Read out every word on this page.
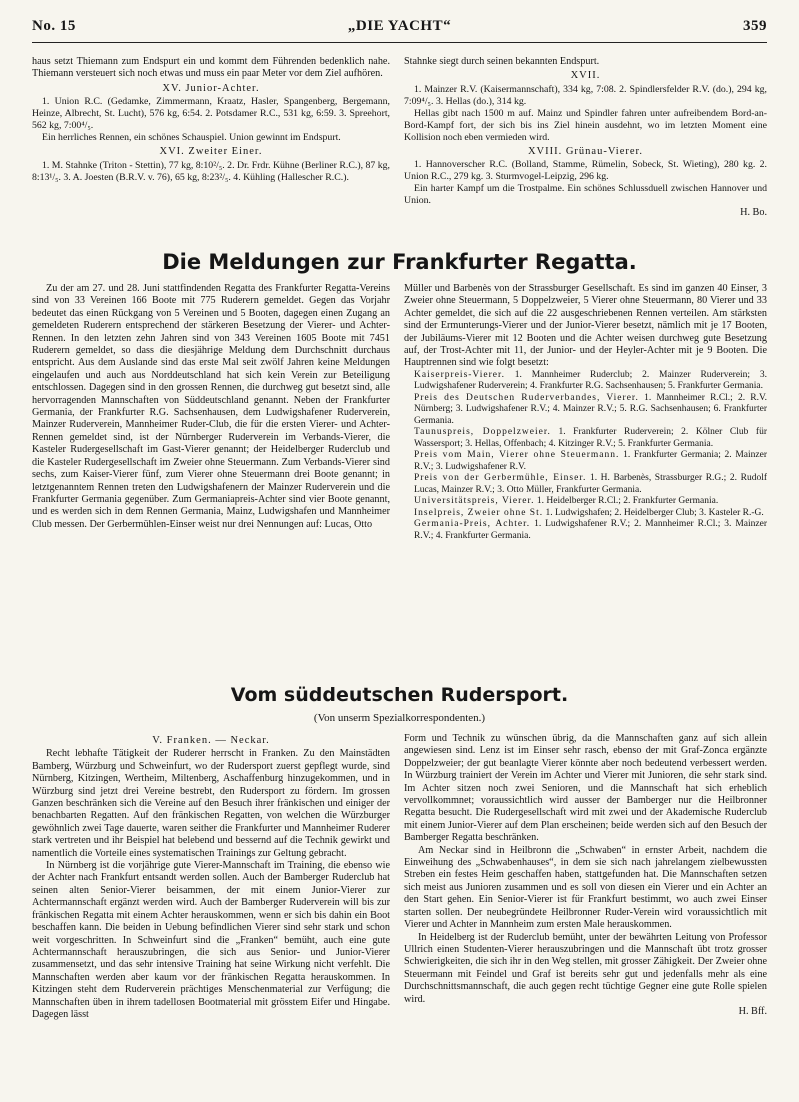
No. 15	„DIE YACHT“	359

haus setzt Thiemann zum Endspurt ein und kommt dem Führenden bedenklich nahe. Thiemann versteuert sich noch etwas und muss ein paar Meter vor dem Ziel aufhören.

XV. Junior-Achter.

1. Union R.C. (Gedamke, Zimmermann, Kraatz, Hasler, Spangenberg, Bergemann, Heinze, Albrecht, St. Lucht), 576 kg, 6:54. 2. Potsdamer R.C., 531 kg, 6:59. 3. Spreehort, 562 kg, 7:00⁴/₅.

Ein herrliches Rennen, ein schönes Schauspiel. Union gewinnt im Endspurt.

XVI. Zweiter Einer.

1. M. Stahnke (Triton - Stettin), 77 kg, 8:10²/₅. 2. Dr. Frdr. Kühne (Berliner R.C.), 87 kg, 8:13¹/₅. 3. A. Joesten (B.R.V. v. 76), 65 kg, 8:23²/₅. 4. Kühling (Hallescher R.C.).

Stahnke siegt durch seinen bekannten Endspurt.

XVII.

1. Mainzer R.V. (Kaisermannschaft), 334 kg, 7:08. 2. Spindlersfelder R.V. (do.), 294 kg, 7:09⁴/₅. 3. Hellas (do.), 314 kg.

Hellas gibt nach 1500 m auf. Mainz und Spindler fahren unter aufreibendem Bord-an-Bord-Kampf fort, der sich bis ins Ziel hinein ausdehnt, wo im letzten Moment eine Kollision noch eben vermieden wird.

XVIII. Grünau-Vierer.

1. Hannoverscher R.C. (Bolland, Stamme, Rümelin, Sobeck, St. Wieting), 280 kg. 2. Union R.C., 279 kg. 3. Sturmvogel-Leipzig, 296 kg.

Ein harter Kampf um die Trostpalme. Ein schönes Schlussduell zwischen Hannover und Union.

H. Bo.

Die Meldungen zur Frankfurter Regatta.

Zu der am 27. und 28. Juni stattfindenden Regatta des Frankfurter Regatta-Vereins sind von 33 Vereinen 166 Boote mit 775 Ruderern gemeldet. Gegen das Vorjahr bedeutet das einen Rückgang von 5 Vereinen und 5 Booten, dagegen einen Zugang an gemeldeten Ruderern entsprechend der stärkeren Besetzung der Vierer- und Achter-Rennen. In den letzten zehn Jahren sind von 343 Vereinen 1605 Boote mit 7451 Ruderern gemeldet, so dass die diesjährige Meldung dem Durchschnitt durchaus entspricht. Aus dem Auslande sind das erste Mal seit zwölf Jahren keine Meldungen eingelaufen und auch aus Norddeutschland hat sich kein Verein zur Beteiligung entschlossen. Dagegen sind in den grossen Rennen, die durchweg gut besetzt sind, alle hervorragenden Mannschaften von Süddeutschland genannt. Neben der Frankfurter Germania, der Frankfurter R.G. Sachsenhausen, dem Ludwigshafener Ruderverein, Mainzer Ruderverein, Mannheimer Ruder-Club, die für die ersten Vierer- und Achter-Rennen gemeldet sind, ist der Nürnberger Ruderverein im Verbands-Vierer, die Kasteler Rudergesellschaft im Gast-Vierer genannt; der Heidelberger Ruderclub und die Kasteler Rudergesellschaft im Zweier ohne Steuermann. Zum Verbands-Vierer sind sechs, zum Kaiser-Vierer fünf, zum Vierer ohne Steuermann drei Boote genannt; in letztgenanntem Rennen treten den Ludwigshafenern der Mainzer Ruderverein und die Frankfurter Germania gegenüber. Zum Germaniapreis-Achter sind vier Boote genannt, und es werden sich in dem Rennen Germania, Mainz, Ludwigshafen und Mannheimer Club messen. Der Gerbermühlen-Einser weist nur drei Nennungen auf: Lucas, Otto

Müller und Barbenès von der Strassburger Gesellschaft. Es sind im ganzen 40 Einser, 3 Zweier ohne Steuermann, 5 Doppelzweier, 5 Vierer ohne Steuermann, 80 Vierer und 33 Achter gemeldet, die sich auf die 22 ausgeschriebenen Rennen verteilen. Am stärksten sind der Ermunterungs-Vierer und der Junior-Vierer besetzt, nämlich mit je 17 Booten, der Jubiläums-Vierer mit 12 Booten und die Achter weisen durchweg gute Besetzung auf, der Trost-Achter mit 11, der Junior- und der Heyler-Achter mit je 9 Booten. Die Hauptrennen sind wie folgt besetzt:

Kaiserpreis-Vierer. 1. Mannheimer Ruderclub; 2. Mainzer Ruderverein; 3. Ludwigshafener Ruderverein; 4. Frankfurter R.G. Sachsenhausen; 5. Frankfurter Germania.

Preis des Deutschen Ruderverbandes, Vierer. 1. Mannheimer R.Cl.; 2. R.V. Nürnberg; 3. Ludwigshafener R.V.; 4. Mainzer R.V.; 5. R.G. Sachsenhausen; 6. Frankfurter Germania.

Taunuspreis, Doppelzweier. 1. Frankfurter Ruderverein; 2. Kölner Club für Wassersport; 3. Hellas, Offenbach; 4. Kitzinger R.V.; 5. Frankfurter Germania.

Preis vom Main, Vierer ohne Steuermann. 1. Frankfurter Germania; 2. Mainzer R.V.; 3. Ludwigshafener R.V.

Preis von der Gerbermühle, Einser. 1. H. Barbenès, Strassburger R.G.; 2. Rudolf Lucas, Mainzer R.V.; 3. Otto Müller, Frankfurter Germania.

Universitätspreis, Vierer. 1. Heidelberger R.Cl.; 2. Frankfurter Germania.

Inselpreis, Zweier ohne St. 1. Ludwigshafen; 2. Heidelberger Club; 3. Kasteler R.-G.

Germania-Preis, Achter. 1. Ludwigshafener R.V.; 2. Mannheimer R.Cl.; 3. Mainzer R.V.; 4. Frankfurter Germania.

Vom süddeutschen Rudersport.
(Von unserm Spezialkorrespondenten.)
V. Franken. — Neckar.

Recht lebhafte Tätigkeit der Ruderer herrscht in Franken. Zu den Mainstädten Bamberg, Würzburg und Schweinfurt, wo der Rudersport zuerst gepflegt wurde, sind Nürnberg, Kitzingen, Wertheim, Miltenberg, Aschaffenburg hinzugekommen, und in Würzburg sind jetzt drei Vereine bestrebt, den Rudersport zu fördern. Im grossen Ganzen beschränken sich die Vereine auf den Besuch ihrer fränkischen und einiger der benachbarten Regatten. Auf den fränkischen Regatten, von welchen die Würzburger gewöhnlich zwei Tage dauerte, waren seither die Frankfurter und Mannheimer Ruderer stark vertreten und ihr Beispiel hat belebend und bessernd auf die Technik gewirkt und namentlich die Vorteile eines systematischen Trainings zur Geltung gebracht.

In Nürnberg ist die vorjährige gute Vierer-Mannschaft im Training, die ebenso wie der Achter nach Frankfurt entsandt werden sollen. Auch der Bamberger Ruderclub hat seinen alten Senior-Vierer beisammen, der mit einem Junior-Vierer zur Achtermannschaft ergänzt werden wird. Auch der Bamberger Ruderverein will bis zur fränkischen Regatta mit einem Achter herauskommen, wenn er sich bis dahin ein Boot beschaffen kann. Die beiden in Uebung befindlichen Vierer sind sehr stark und schon weit vorgeschritten. In Schweinfurt sind die „Franken“ bemüht, auch eine gute Achtermannschaft herauszubringen, die sich aus Senior- und Junior-Vierer zusammensetzt, und das sehr intensive Training hat seine Wirkung nicht verfehlt. Die Mannschaften werden aber kaum vor der fränkischen Regatta herauskommen. In Kitzingen steht dem Ruderverein prächtiges Menschenmaterial zur Verfügung; die Mannschaften üben in ihrem tadellosen Bootmaterial mit grösstem Eifer und Hingabe. Dagegen lässt

Form und Technik zu wünschen übrig, da die Mannschaften ganz auf sich allein angewiesen sind. Lenz ist im Einser sehr rasch, ebenso der mit Graf-Zonca ergänzte Doppelzweier; der gut beanlagte Vierer könnte aber noch bedeutend verbessert werden. In Würzburg trainiert der Verein im Achter und Vierer mit Junioren, die sehr stark sind. Im Achter sitzen noch zwei Senioren, und die Mannschaft hat sich erheblich vervollkommnet; voraussichtlich wird ausser der Bamberger nur die Heilbronner Regatta besucht. Die Rudergesellschaft wird mit zwei und der Akademische Ruderclub mit einem Junior-Vierer auf dem Plan erscheinen; beide werden sich auf den Besuch der Bamberger Regatta beschränken.

Am Neckar sind in Heilbronn die „Schwaben“ in ernster Arbeit, nachdem die Einweihung des „Schwabenhauses“, in dem sie sich nach jahrelangem zielbewussten Streben ein festes Heim geschaffen haben, stattgefunden hat. Die Mannschaften setzen sich meist aus Junioren zusammen und es soll von diesen ein Vierer und ein Achter an den Start gehen. Ein Senior-Vierer ist für Frankfurt bestimmt, wo auch zwei Einser starten sollen. Der neubegründete Heilbronner Ruder-Verein wird voraussichtlich mit Vierer und Achter in Mannheim zum ersten Male herauskommen.

In Heidelberg ist der Ruderclub bemüht, unter der bewährten Leitung von Professor Ullrich einen Studenten-Vierer herauszubringen und die Mannschaft übt trotz grosser Schwierigkeiten, die sich ihr in den Weg stellen, mit grosser Zähigkeit. Der Zweier ohne Steuermann mit Feindel und Graf ist bereits sehr gut und jedenfalls mehr als eine Durchschnittsmannschaft, die auch gegen recht tüchtige Gegner eine gute Rolle spielen wird.

H. Bff.
